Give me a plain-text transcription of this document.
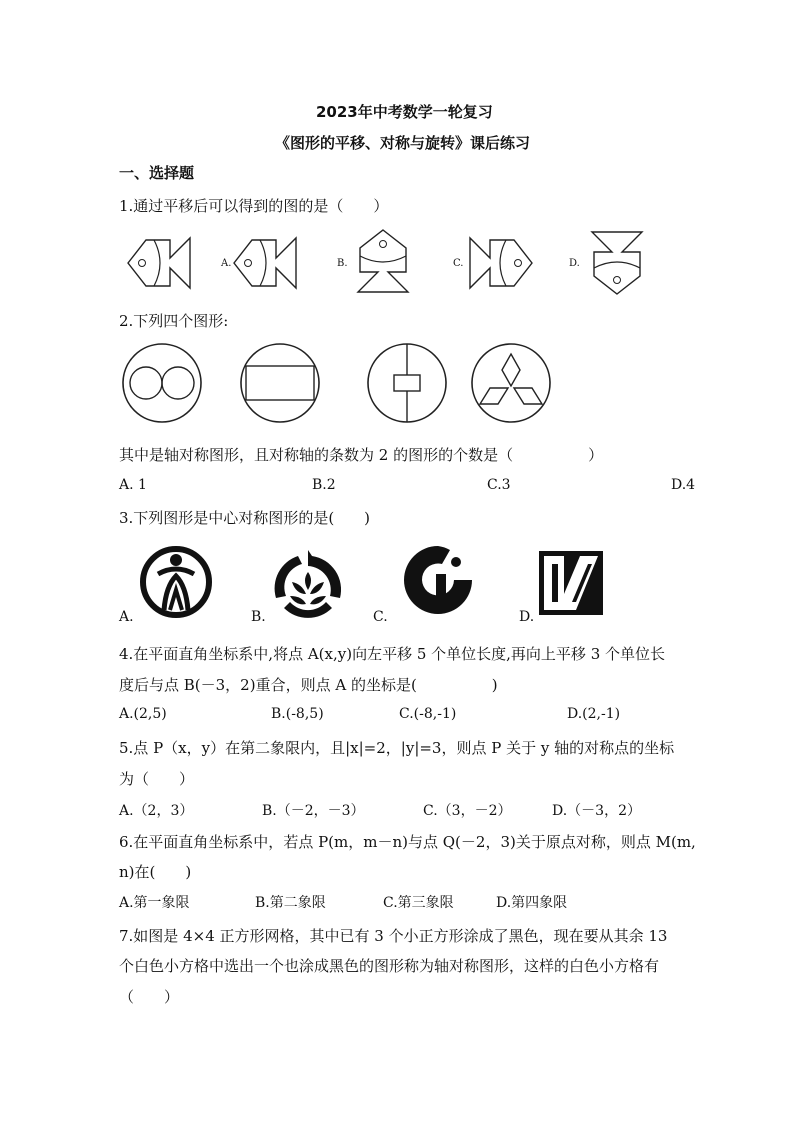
2023年中考数学一轮复习
《图形的平移、对称与旋转》课后练习
一、选择题
1.通过平移后可以得到的图的是（　　）
A.	B.	C.	D.
2.下列四个图形:
其中是轴对称图形，且对称轴的条数为 2 的图形的个数是（　　　　　）
A. 1	B.2	C.3	D.4
3.下列图形是中心对称图形的是(　　)
A.	B.	C.	D.
4.在平面直角坐标系中,将点 A(x,y)向左平移 5 个单位长度,再向上平移 3 个单位长
度后与点 B(－3，2)重合，则点 A 的坐标是(　　　　　)
A.(2,5)	B.(-8,5)	C.(-8,-1)	D.(2,-1)
5.点 P（x，y）在第二象限内，且|x|=2，|y|=3，则点 P 关于 y 轴的对称点的坐标
为（　　）
A.（2，3）	B.（－2，－3）	C.（3，－2）	D.（－3，2）
6.在平面直角坐标系中，若点 P(m，m－n)与点 Q(－2，3)关于原点对称，则点 M(m,
n)在(　　)
A.第一象限	B.第二象限	C.第三象限	D.第四象限
7.如图是 4×4 正方形网格，其中已有 3 个小正方形涂成了黑色，现在要从其余 13
个白色小方格中选出一个也涂成黑色的图形称为轴对称图形，这样的白色小方格有
（　　）
